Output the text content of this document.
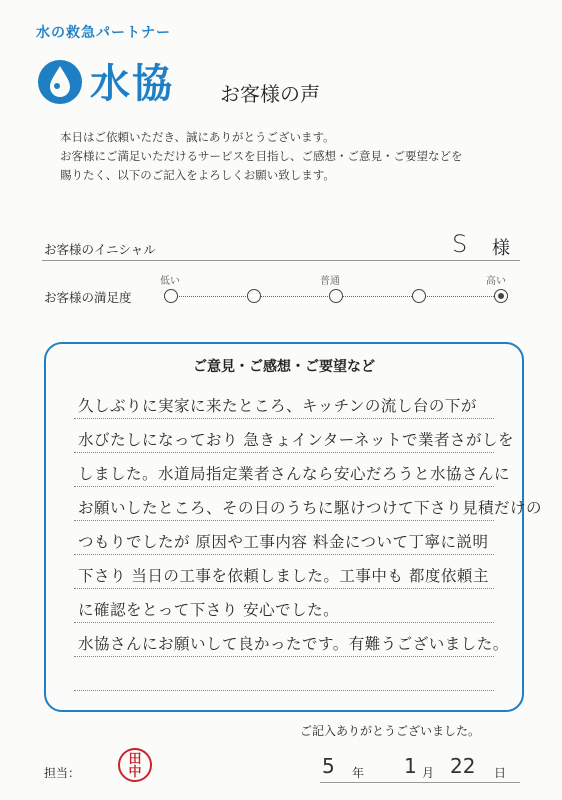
水の救急パートナー
水協 お客様の声
本日はご依頼いただき、誠にありがとうございます。
お客様にご満足いただけるサービスを目指し、ご感想・ご意見・ご要望などを
賜りたく、以下のご記入をよろしくお願い致します。
お客様のイニシャル	S 様
お客様の満足度
低い	普通	高い
ご意見・ご感想・ご要望など
久しぶりに実家に来たところ、キッチンの流し台の下が
水びたしになっており 急きょインターネットで業者さがしを
しました。水道局指定業者さんなら安心だろうと水協さんに
お願いしたところ、その日のうちに駆けつけて下さり見積だけの
つもりでしたが 原因や工事内容 料金について丁寧に説明
下さり 当日の工事を依頼しました。工事中も 都度依頼主
に確認をとって下さり 安心でした。
水協さんにお願いして良かったです。有難うございました。
ご記入ありがとうございました。
担当：
田
中	5 年 1 月 22 日
